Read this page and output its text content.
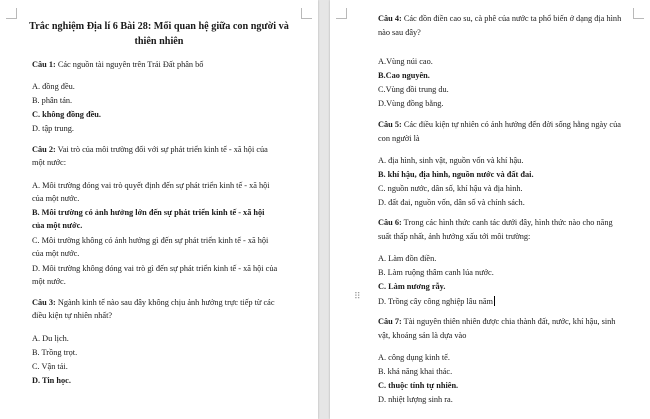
Trắc nghiệm Địa lí 6 Bài 28: Mối quan hệ giữa con người và
thiên nhiên
Câu 1: Các nguồn tài nguyên trên Trái Đất phân bố
A. đồng đều.
B. phân tán.
C. không đồng đều.
D. tập trung.
Câu 2: Vai trò của môi trường đối với sự phát triển kinh tế - xã hội của
một nước:
A. Môi trường đóng vai trò quyết định đến sự phát triển kinh tế - xã hội
của một nước.
B. Môi trường có ảnh hưởng lớn đến sự phát triển kinh tế - xã hội
của một nước.
C. Môi trường không có ảnh hưởng gì đến sự phát triển kinh tế - xã hội
của một nước.
D. Môi trường không đóng vai trò gì đến sự phát triển kinh tế - xã hội của
một nước.
Câu 3: Ngành kinh tế nào sau đây không chịu ảnh hưởng trực tiếp từ các
điều kiện tự nhiên nhất?
A. Du lịch.
B. Trồng trọt.
C. Vận tải.
D. Tin học.
Câu 4: Các đồn điền cao su, cà phê của nước ta phổ biến ở dạng địa hình
nào sau đây?
A.Vùng núi cao.
B.Cao nguyên.
C.Vùng đồi trung du.
D.Vùng đồng bằng.
Câu 5: Các điều kiện tự nhiên có ảnh hưởng đến đời sống hằng ngày của
con người là
A. địa hình, sinh vật, nguồn vốn và khí hậu.
B. khí hậu, địa hình, nguồn nước và đất đai.
C. nguồn nước, dân số, khí hậu và địa hình.
D. đất đai, nguồn vốn, dân số và chính sách.
Câu 6: Trong các hình thức canh tác dưới đây, hình thức nào cho năng
suất thấp nhất, ảnh hưởng xấu tới môi trường:
A. Làm đồn điền.
B. Làm ruộng thâm canh lúa nước.
C. Làm nương rẫy.
D. Trồng cây công nghiệp lâu năm
Câu 7: Tài nguyên thiên nhiên được chia thành đất, nước, khí hậu, sinh
vật, khoáng sản là dựa vào
A. công dụng kinh tế.
B. khả năng khai thác.
C. thuộc tính tự nhiên.
D. nhiệt lượng sinh ra.
⠿
